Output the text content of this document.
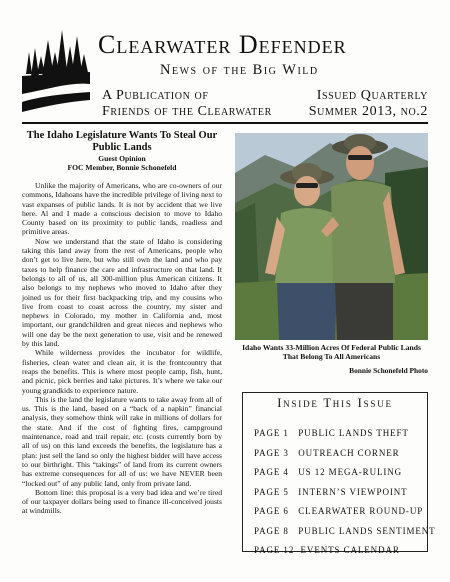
Clearwater Defender
News of the Big Wild
A Publication of
Friends of the Clearwater
Issued Quarterly
Summer 2013, no.2
The Idaho Legislature Wants To Steal Our Public Lands
Guest Opinion
FOC Member, Bonnie Schonefeld

Unlike the majority of Americans, who are co-owners of our commons, Idahoans have the incredible privilege of living next to vast expanses of public lands. It is not by accident that we live here. Al and I made a conscious decision to move to Idaho County based on its proximity to public lands, roadless and primitive areas.

Now we understand that the state of Idaho is considering taking this land away from the rest of Americans, people who don’t get to live here, but who still own the land and who pay taxes to help finance the care and infrastructure on that land. It belongs to all of us, all 300-million plus American citizens. It also belongs to my nephews who moved to Idaho after they joined us for their first backpacking trip, and my cousins who live from coast to coast across the country, my sister and nephews in Colorado, my mother in California and, most important, our grandchildren and great nieces and nephews who will one day be the next generation to use, visit and be renewed by this land.

While wilderness provides the incubator for wildlife, fisheries, clean water and clean air, it is the frontcountry that reaps the benefits. This is where most people camp, fish, hunt, and picnic, pick berries and take pictures. It’s where we take our young grandkids to experience nature.

This is the land the legislature wants to take away from all of us. This is the land, based on a “back of a napkin” financial analysis, they somehow think will rake in millions of dollars for the state. And if the cost of fighting fires, campground maintenance, road and trail repair, etc. (costs currently born by all of us) on this land exceeds the benefits, the legislature has a plan: just sell the land so only the highest bidder will have access to our birthright. This “takings” of land from its current owners has extreme consequences for all of us: we have NEVER been “locked out” of any public land, only from private land.

Bottom line: this proposal is a very bad idea and we’re tired of our taxpayer dollars being used to finance ill-conceived jousts at windmills.

Idaho Wants 33-Million Acres Of Federal Public Lands That Belong To All Americans
Bonnie Schonefeld Photo
Inside This Issue
PAGE 1   PUBLIC LANDS THEFT
PAGE 3   OUTREACH CORNER
PAGE 4   US 12 MEGA-RULING
PAGE 5   INTERN’S VIEWPOINT
PAGE 6   CLEARWATER ROUND-UP
PAGE 8   PUBLIC LANDS SENTIMENT
PAGE 12  EVENTS CALENDAR
